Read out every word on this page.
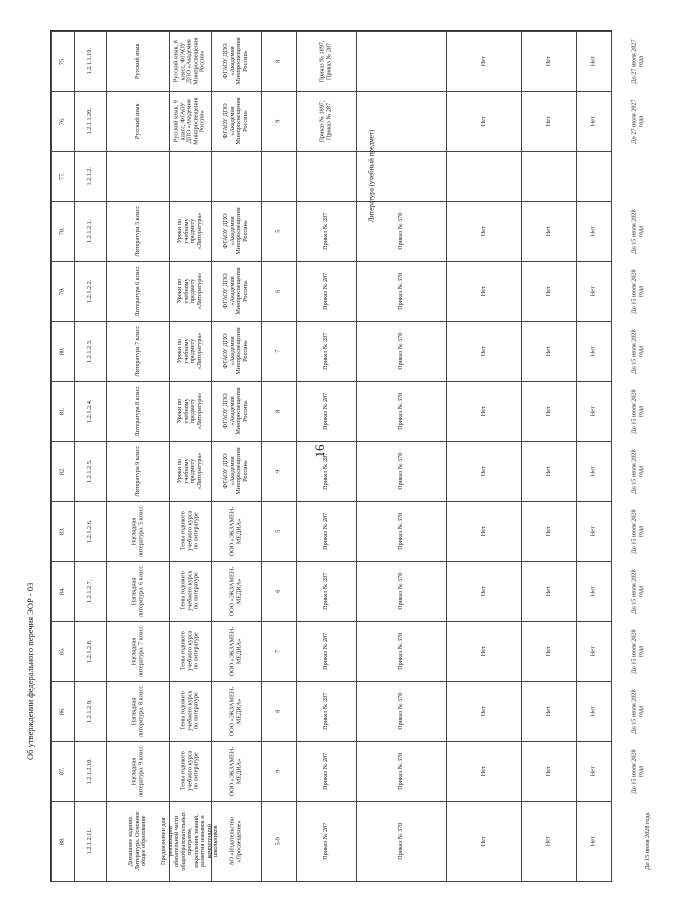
16
Об утверждении федерального перечня ЭОР - 03
75.	1.2.1.1.19.	Русский язык	Русский язык, 8 класс, ФГАОУ ДПО «Академия Минпросвещения России»	ФГАОУ ДПО «Академия Минпросвещения России»	8	Приказ № 1897, Приказ № 287	Нет	Нет	Нет	До 27 июля 2027 года
76.	1.2.1.1.20.	Русский язык	Русский язык, 9 класс, ФГАОУ ДПО «Академия Минпросвещения России»	ФГАОУ ДПО «Академия Минпросвещения России»	9	Приказ № 1897, Приказ № 287	Нет	Нет	Нет	До 27 июля 2027 года
77.	1.2.1.2.
78.	1.2.1.2.1.	Литература 5 класс	Уроки по учебному предмету «Литература»	ФГАОУ ДПО «Академия Минпросвещения России»	5	Приказ № 287	Приказ № 370	Нет	Нет	Нет	До 15 июля 2028 года
79.	1.2.1.2.2.	Литература 6 класс	Уроки по учебному предмету «Литература»	ФГАОУ ДПО «Академия Минпросвещения России»	6	Приказ № 287	Приказ № 370	Нет	Нет	Нет	До 15 июля 2028 года
80.	1.2.1.2.3.	Литература 7 класс	Уроки по учебному предмету «Литература»	ФГАОУ ДПО «Академия Минпросвещения России»	7	Приказ № 287	Приказ № 370	Нет	Нет	Нет	До 15 июля 2028 года
81.	1.2.1.2.4.	Литература 8 класс	Уроки по учебному предмету «Литература»	ФГАОУ ДПО «Академия Минпросвещения России»	8	Приказ № 287	Приказ № 370	Нет	Нет	Нет	До 15 июля 2028 года
82.	1.2.1.2.5.	Литература 9 класс	Уроки по учебному предмету «Литература»	ФГАОУ ДПО «Академия Минпросвещения России»	9	Приказ № 287	Приказ № 370	Нет	Нет	Нет	До 15 июля 2028 года
83.	1.2.1.2.6.	Наглядная литература. 5 класс	Темы годового учебного курса по литературе	ООО «ЭКЗАМЕН-МЕДИА»	5	Приказ № 287	Приказ № 370	Нет	Нет	Нет	До 15 июля 2028 года
84.	1.2.1.2.7.	Наглядная литература. 6 класс	Темы годового учебного курса по литературе	ООО «ЭКЗАМЕН-МЕДИА»	6	Приказ № 287	Приказ № 370	Нет	Нет	Нет	До 15 июля 2028 года
85.	1.2.1.2.8.	Наглядная литература. 7 класс	Темы годового учебного курса по литературе	ООО «ЭКЗАМЕН-МЕДИА»	7	Приказ № 287	Приказ № 370	Нет	Нет	Нет	До 15 июля 2028 года
86.	1.2.1.2.9.	Наглядная литература. 8 класс	Темы годового учебного курса по литературе	ООО «ЭКЗАМЕН-МЕДИА»	8	Приказ № 287	Приказ № 370	Нет	Нет	Нет	До 15 июля 2028 года
87.	1.2.1.2.10.	Наглядная литература. 9 класс	Темы годового учебного курса по литературе	ООО «ЭКЗАМЕН-МЕДИА»	9	Приказ № 287	Приказ № 370	Нет	Нет	Нет	До 15 июля 2028 года
88.	1.2.1.2.11.	Домашнее задание. Литература. Основное общее образование Предназначен для реализации обязательной части общеобразовательных программ, закрепления знаний, развития навыков и компетенций школьников АО «Издательство «Просвещение»	5-9	Приказ № 287	Приказ № 370	Нет	Нет	Нет	До 15 июля 2028 года
Литература (учебный предмет)
